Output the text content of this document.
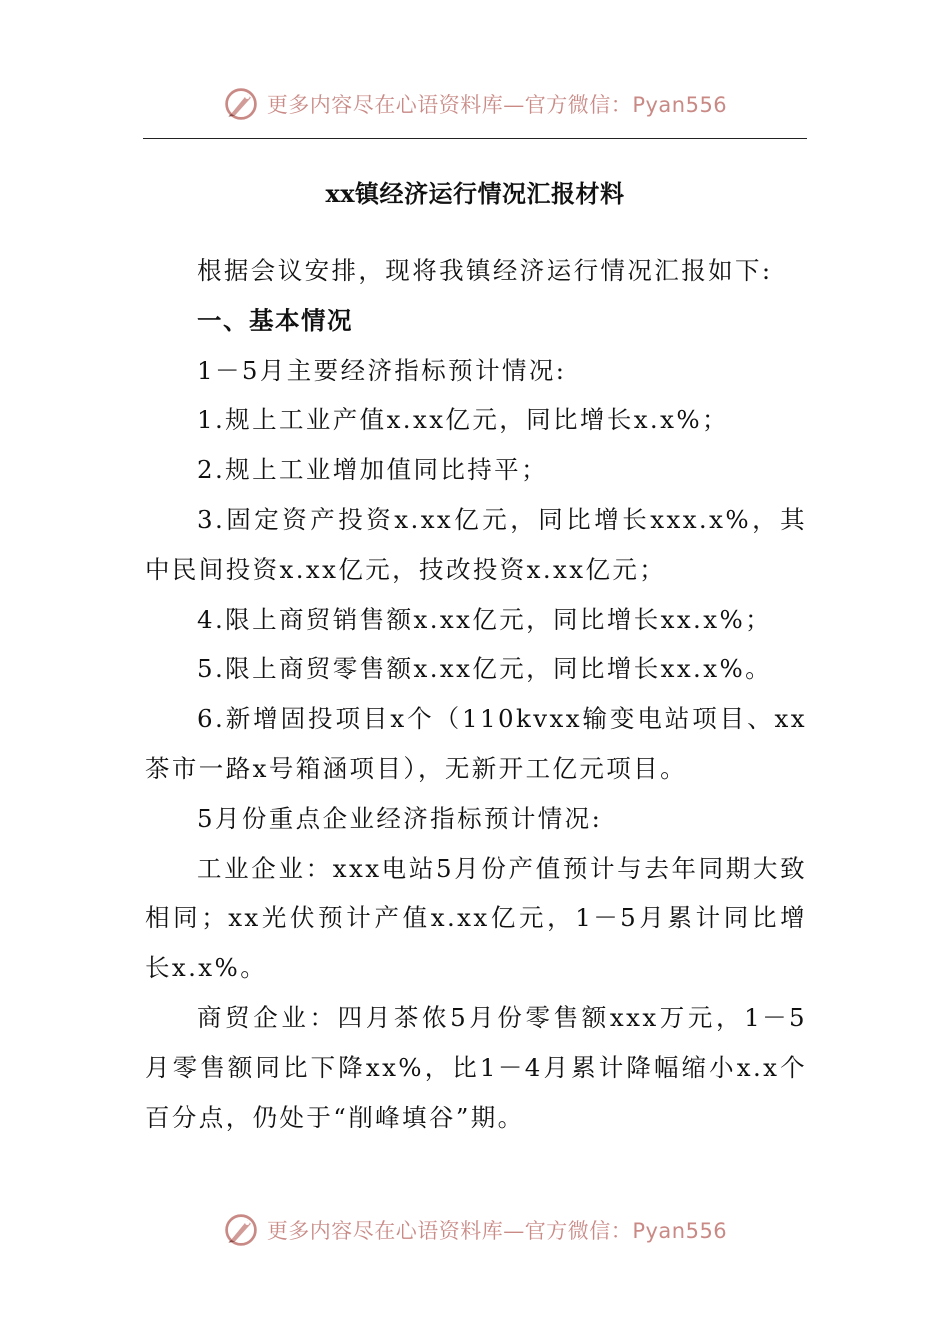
更多内容尽在心语资料库—官方微信：Pyan556
xx镇经济运行情况汇报材料

根据会议安排，现将我镇经济运行情况汇报如下:

一、基本情况

1－5月主要经济指标预计情况:

1.规上工业产值x.xx亿元，同比增长x.x%；

2.规上工业增加值同比持平；

3.固定资产投资x.xx亿元，同比增长xxx.x%，其中民间投资x.xx亿元，技改投资x.xx亿元；

4.限上商贸销售额x.xx亿元，同比增长xx.x%；

5.限上商贸零售额x.xx亿元，同比增长xx.x%。

6.新增固投项目x个（110kvxx输变电站项目、xx茶市一路x号箱涵项目），无新开工亿元项目。

5月份重点企业经济指标预计情况:

工业企业：xxx电站5月份产值预计与去年同期大致相同；xx光伏预计产值x.xx亿元，1－5月累计同比增长x.x%。

商贸企业：四月茶侬5月份零售额xxx万元，1－5月零售额同比下降xx%，比1－4月累计降幅缩小x.x个百分点，仍处于“削峰填谷”期。

更多内容尽在心语资料库—官方微信：Pyan556
